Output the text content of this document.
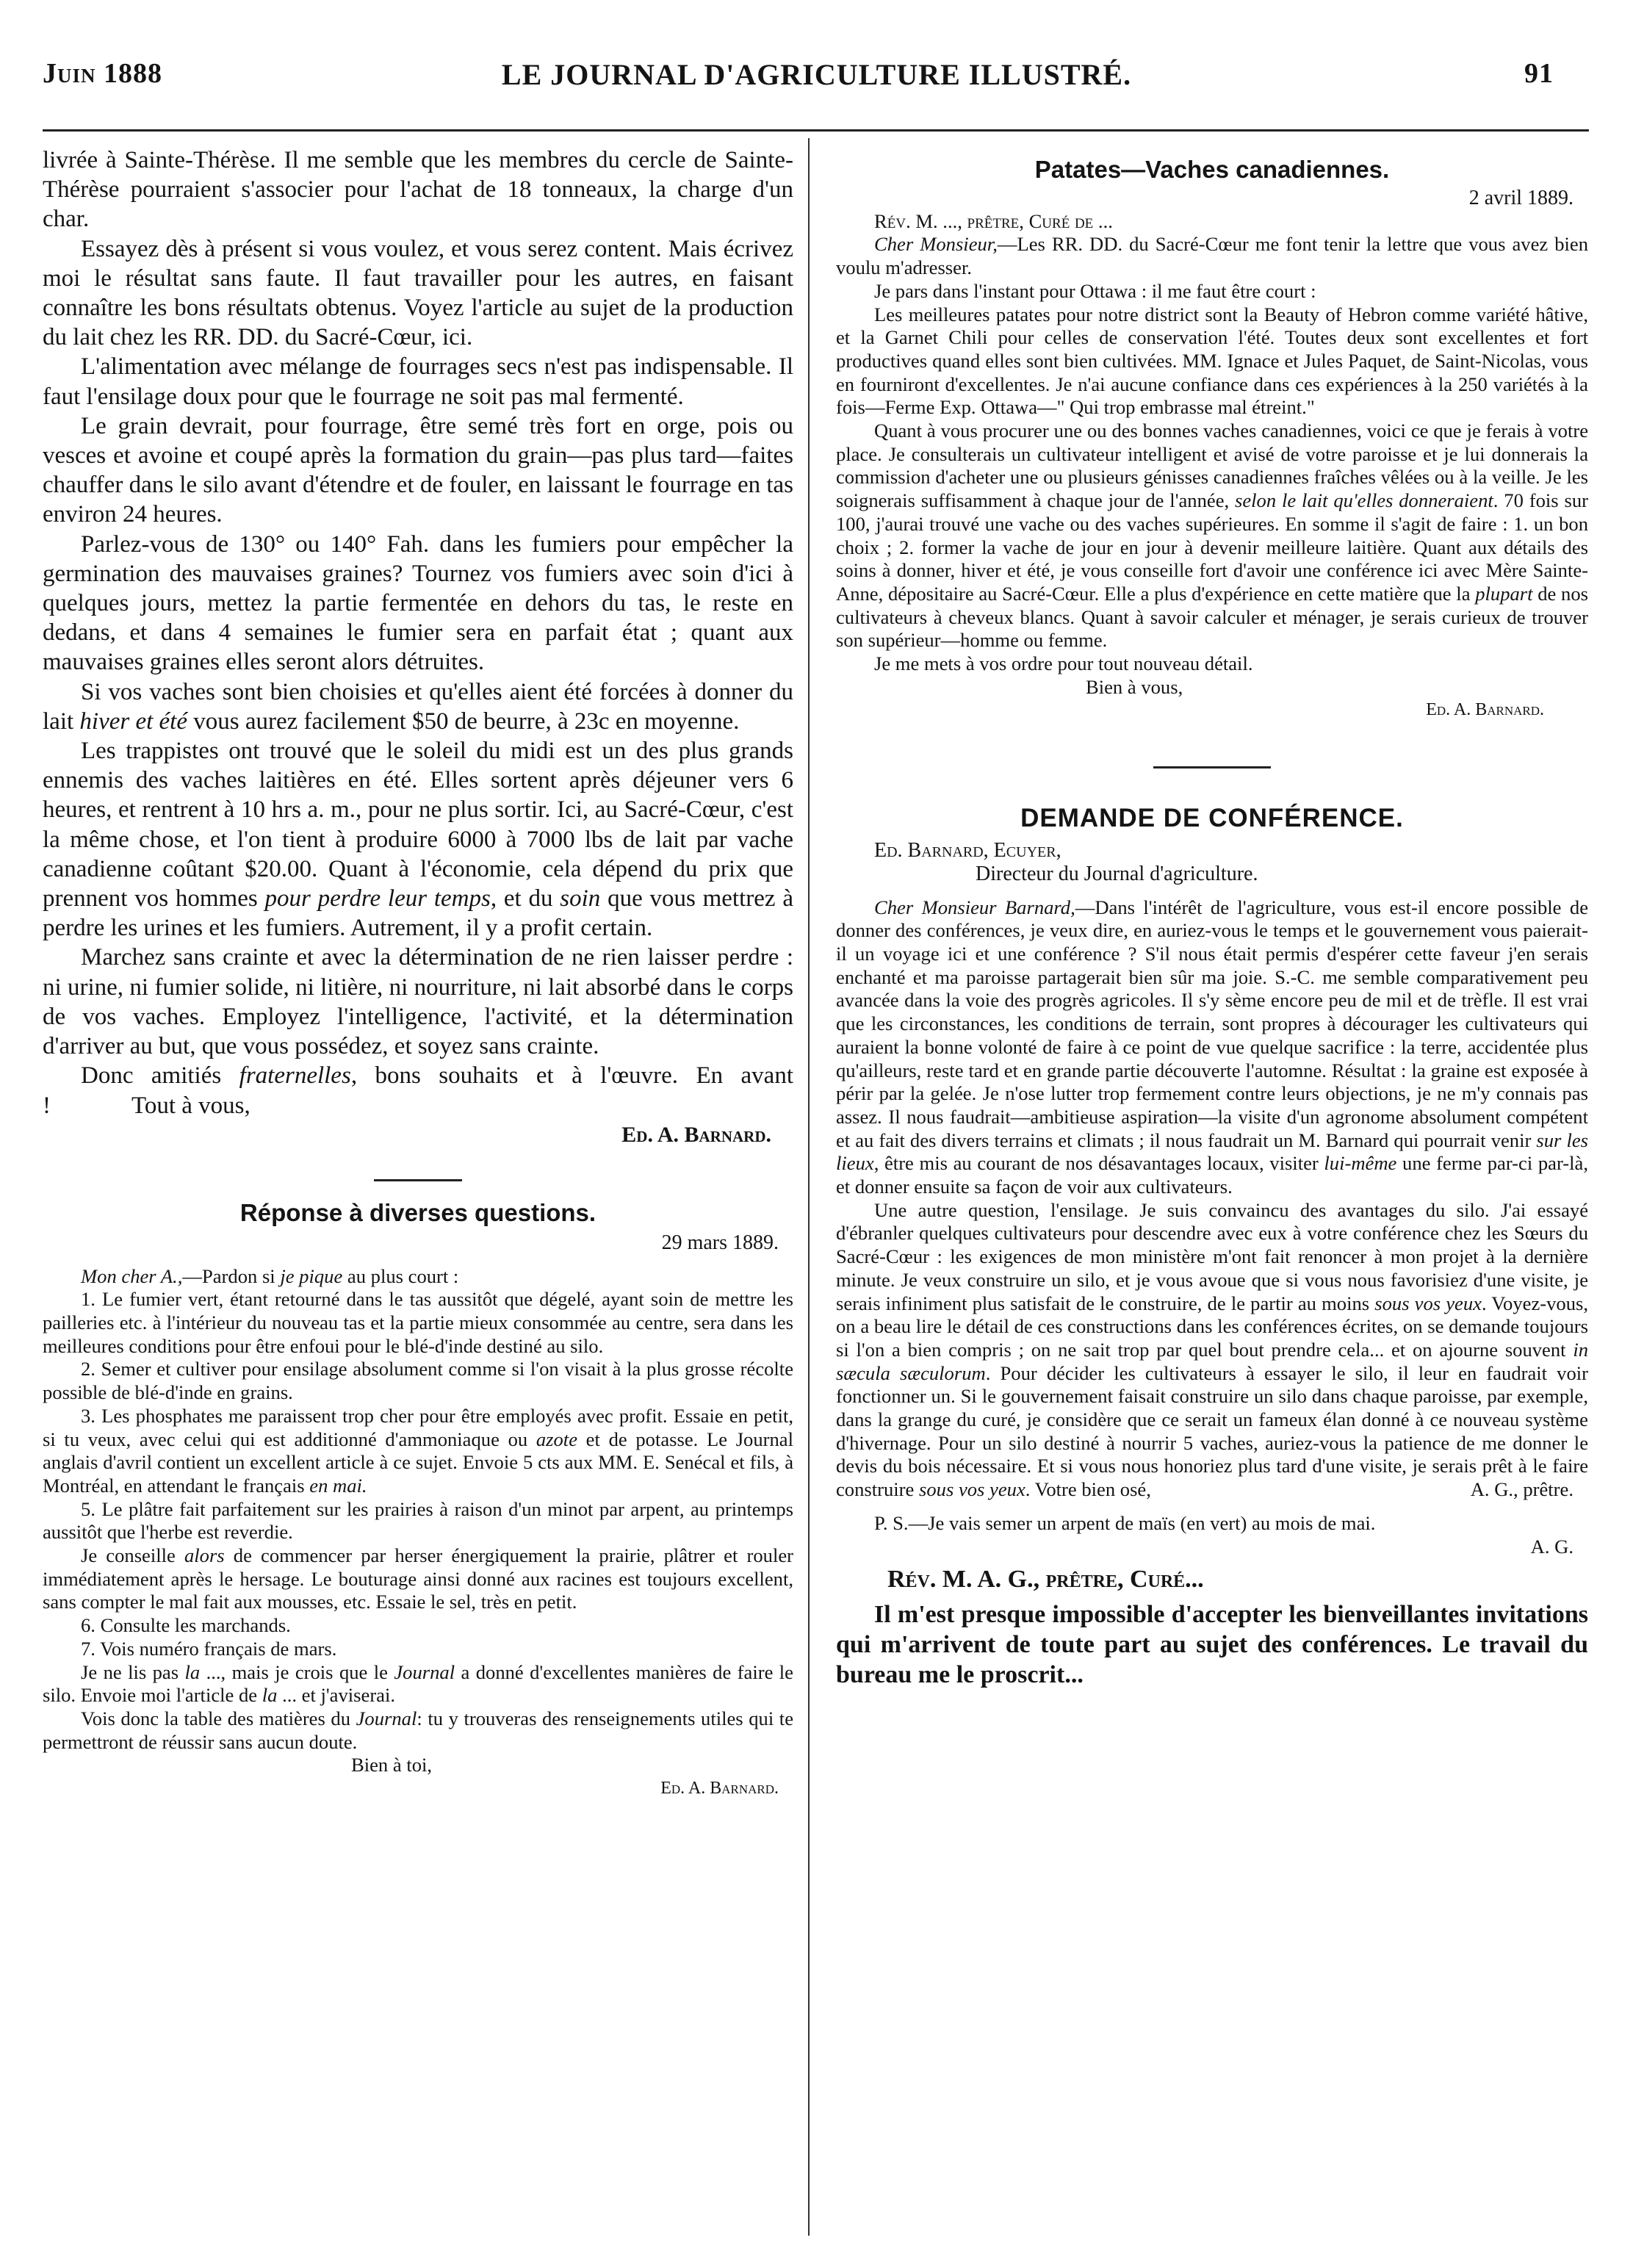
Juin 1888	LE JOURNAL D'AGRICULTURE ILLUSTRÉ.	91

livrée à Sainte-Thérèse. Il me semble que les membres du cercle de Sainte-Thérèse pourraient s'associer pour l'achat de 18 tonneaux, la charge d'un char.

Essayez dès à présent si vous voulez, et vous serez content. Mais écrivez moi le résultat sans faute. Il faut travailler pour les autres, en faisant connaître les bons résultats obtenus. Voyez l'article au sujet de la production du lait chez les RR. DD. du Sacré-Cœur, ici.

L'alimentation avec mélange de fourrages secs n'est pas indispensable. Il faut l'ensilage doux pour que le fourrage ne soit pas mal fermenté.

Le grain devrait, pour fourrage, être semé très fort en orge, pois ou vesces et avoine et coupé après la formation du grain—pas plus tard—faites chauffer dans le silo avant d'étendre et de fouler, en laissant le fourrage en tas environ 24 heures.

Parlez-vous de 130° ou 140° Fah. dans les fumiers pour empêcher la germination des mauvaises graines? Tournez vos fumiers avec soin d'ici à quelques jours, mettez la partie fermentée en dehors du tas, le reste en dedans, et dans 4 semaines le fumier sera en parfait état ; quant aux mauvaises graines elles seront alors détruites.

Si vos vaches sont bien choisies et qu'elles aient été forcées à donner du lait hiver et été vous aurez facilement $50 de beurre, à 23c en moyenne.

Les trappistes ont trouvé que le soleil du midi est un des plus grands ennemis des vaches laitières en été. Elles sortent après déjeuner vers 6 heures, et rentrent à 10 hrs a. m., pour ne plus sortir. Ici, au Sacré-Cœur, c'est la même chose, et l'on tient à produire 6000 à 7000 lbs de lait par vache canadienne coûtant $20.00. Quant à l'économie, cela dépend du prix que prennent vos hommes pour perdre leur temps, et du soin que vous mettrez à perdre les urines et les fumiers. Autrement, il y a profit certain.

Marchez sans crainte et avec la détermination de ne rien laisser perdre : ni urine, ni fumier solide, ni litière, ni nourriture, ni lait absorbé dans le corps de vos vaches. Employez l'intelligence, l'activité, et la détermination d'arriver au but, que vous possédez, et soyez sans crainte.

Donc amitiés fraternelles, bons souhaits et à l'œuvre. En avant !	Tout à vous,

Ed. A. Barnard.

Réponse à diverses questions.

29 mars 1889.

Mon cher A.,—Pardon si je pique au plus court :

1. Le fumier vert, étant retourné dans le tas aussitôt que dégelé, ayant soin de mettre les pailleries etc. à l'intérieur du nouveau tas et la partie mieux consommée au centre, sera dans les meilleures conditions pour être enfoui pour le blé-d'inde destiné au silo.

2. Semer et cultiver pour ensilage absolument comme si l'on visait à la plus grosse récolte possible de blé-d'inde en grains.

3. Les phosphates me paraissent trop cher pour être employés avec profit. Essaie en petit, si tu veux, avec celui qui est additionné d'ammoniaque ou azote et de potasse. Le Journal anglais d'avril contient un excellent article à ce sujet. Envoie 5 cts aux MM. E. Senécal et fils, à Montréal, en attendant le français en mai.

5. Le plâtre fait parfaitement sur les prairies à raison d'un minot par arpent, au printemps aussitôt que l'herbe est reverdie.

Je conseille alors de commencer par herser énergiquement la prairie, plâtrer et rouler immédiatement après le hersage. Le bouturage ainsi donné aux racines est toujours excellent, sans compter le mal fait aux mousses, etc. Essaie le sel, très en petit.

6. Consulte les marchands.

7. Vois numéro français de mars.

Je ne lis pas la ..., mais je crois que le Journal a donné d'excellentes manières de faire le silo. Envoie moi l'article de la ... et j'aviserai.

Vois donc la table des matières du Journal: tu y trouveras des renseignements utiles qui te permettront de réussir sans aucun doute.

Bien à toi,

Ed. A. Barnard.

Patates—Vaches canadiennes.

2 avril 1889.

Rév. M. ..., prêtre, Curé de ...

Cher Monsieur,—Les RR. DD. du Sacré-Cœur me font tenir la lettre que vous avez bien voulu m'adresser.

Je pars dans l'instant pour Ottawa : il me faut être court :

Les meilleures patates pour notre district sont la Beauty of Hebron comme variété hâtive, et la Garnet Chili pour celles de conservation l'été. Toutes deux sont excellentes et fort productives quand elles sont bien cultivées. MM. Ignace et Jules Paquet, de Saint-Nicolas, vous en fourniront d'excellentes. Je n'ai aucune confiance dans ces expériences à la 250 variétés à la fois—Ferme Exp. Ottawa—" Qui trop embrasse mal étreint."

Quant à vous procurer une ou des bonnes vaches canadiennes, voici ce que je ferais à votre place. Je consulterais un cultivateur intelligent et avisé de votre paroisse et je lui donnerais la commission d'acheter une ou plusieurs génisses canadiennes fraîches vêlées ou à la veille. Je les soignerais suffisamment à chaque jour de l'année, selon le lait qu'elles donneraient. 70 fois sur 100, j'aurai trouvé une vache ou des vaches supérieures. En somme il s'agit de faire : 1. un bon choix ; 2. former la vache de jour en jour à devenir meilleure laitière. Quant aux détails des soins à donner, hiver et été, je vous conseille fort d'avoir une conférence ici avec Mère Sainte-Anne, dépositaire au Sacré-Cœur. Elle a plus d'expérience en cette matière que la plupart de nos cultivateurs à cheveux blancs. Quant à savoir calculer et ménager, je serais curieux de trouver son supérieur—homme ou femme.

Je me mets à vos ordre pour tout nouveau détail.

Bien à vous,

Ed. A. Barnard.

DEMANDE DE CONFÉRENCE.

Ed. Barnard, Ecuyer,

Directeur du Journal d'agriculture.

Cher Monsieur Barnard,—Dans l'intérêt de l'agriculture, vous est-il encore possible de donner des conférences, je veux dire, en auriez-vous le temps et le gouvernement vous paierait-il un voyage ici et une conférence ? S'il nous était permis d'espérer cette faveur j'en serais enchanté et ma paroisse partagerait bien sûr ma joie. S.-C. me semble comparativement peu avancée dans la voie des progrès agricoles. Il s'y sème encore peu de mil et de trèfle. Il est vrai que les circonstances, les conditions de terrain, sont propres à décourager les cultivateurs qui auraient la bonne volonté de faire à ce point de vue quelque sacrifice : la terre, accidentée plus qu'ailleurs, reste tard et en grande partie découverte l'automne. Résultat : la graine est exposée à périr par la gelée. Je n'ose lutter trop fermement contre leurs objections, je ne m'y connais pas assez. Il nous faudrait—ambitieuse aspiration—la visite d'un agronome absolument compétent et au fait des divers terrains et climats ; il nous faudrait un M. Barnard qui pourrait venir sur les lieux, être mis au courant de nos désavantages locaux, visiter lui-même une ferme par-ci par-là, et donner ensuite sa façon de voir aux cultivateurs.

Une autre question, l'ensilage. Je suis convaincu des avantages du silo. J'ai essayé d'ébranler quelques cultivateurs pour descendre avec eux à votre conférence chez les Sœurs du Sacré-Cœur : les exigences de mon ministère m'ont fait renoncer à mon projet à la dernière minute. Je veux construire un silo, et je vous avoue que si vous nous favorisiez d'une visite, je serais infiniment plus satisfait de le construire, de le partir au moins sous vos yeux. Voyez-vous, on a beau lire le détail de ces constructions dans les conférences écrites, on se demande toujours si l'on a bien compris ; on ne sait trop par quel bout prendre cela... et on ajourne souvent in sæcula sæculorum. Pour décider les cultivateurs à essayer le silo, il leur en faudrait voir fonctionner un. Si le gouvernement faisait construire un silo dans chaque paroisse, par exemple, dans la grange du curé, je considère que ce serait un fameux élan donné à ce nouveau système d'hivernage. Pour un silo destiné à nourrir 5 vaches, auriez-vous la patience de me donner le devis du bois nécessaire. Et si vous nous honoriez plus tard d'une visite, je serais prêt à le faire construire sous vos yeux. Votre bien osé,	A. G., prêtre.

P. S.—Je vais semer un arpent de maïs (en vert) au mois de mai.

A. G.

Rév. M. A. G., prêtre, Curé...

Il m'est presque impossible d'accepter les bienveillantes invitations qui m'arrivent de toute part au sujet des conférences. Le travail du bureau me le proscrit...
